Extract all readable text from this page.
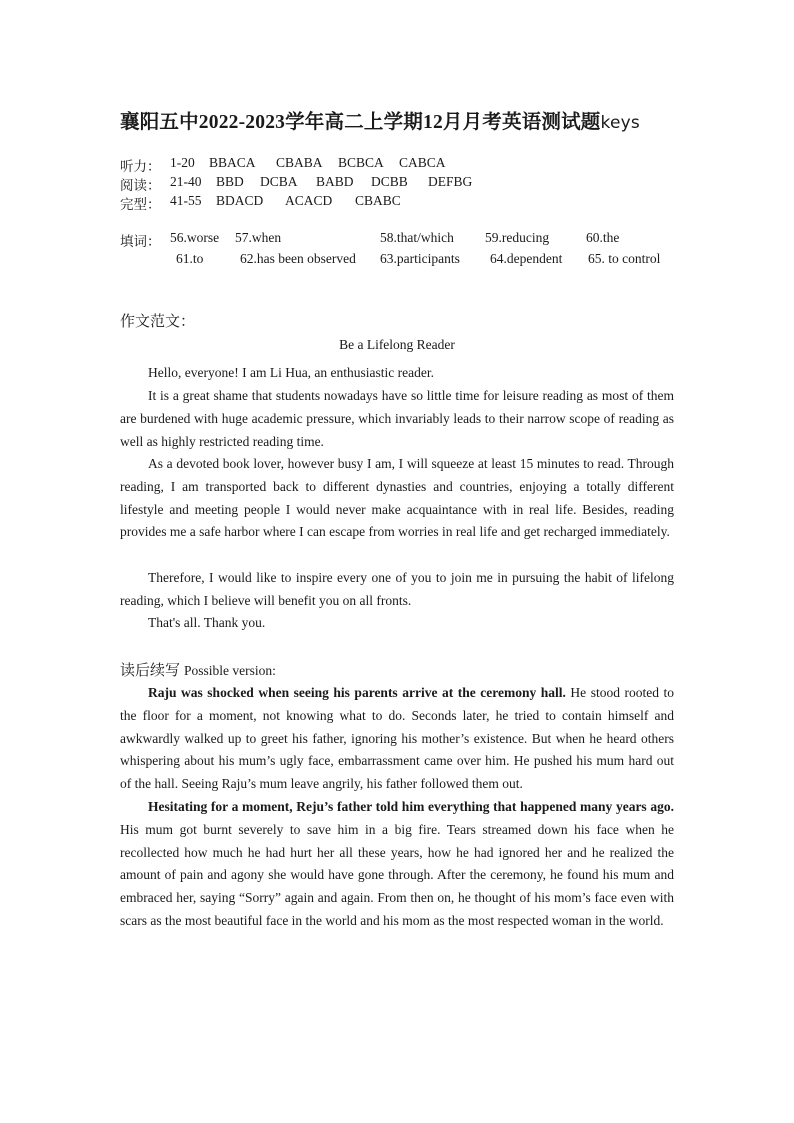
襄阳五中2022-2023学年高二上学期12月月考英语测试题keys
听力： 1-20 BBACA CBABA BCBCA CABCA
阅读： 21-40 BBD DCBA BABD DCBB DEFBG
完型： 41-55 BDACD ACACD CBABC
填词： 56.worse 57.when	58.that/which 59.reducing	60.the
61.to	62.has been observed 63.participants 64.dependent 65. to control
作文范文：
Be a Lifelong Reader
Hello, everyone! I am Li Hua, an enthusiastic reader.
It is a great shame that students nowadays have so little time for leisure reading as most of them are burdened with huge academic pressure, which invariably leads to their narrow scope of reading as well as highly restricted reading time.
As a devoted book lover, however busy I am, I will squeeze at least 15 minutes to read. Through reading, I am transported back to different dynasties and countries, enjoying a totally different lifestyle and meeting people I would never make acquaintance with in real life. Besides, reading provides me a safe harbor where I can escape from worries in real life and get recharged immediately.
Therefore, I would like to inspire every one of you to join me in pursuing the habit of lifelong reading, which I believe will benefit you on all fronts.
That's all. Thank you.
读后续写 Possible version:
Raju was shocked when seeing his parents arrive at the ceremony hall. He stood rooted to the floor for a moment, not knowing what to do. Seconds later, he tried to contain himself and awkwardly walked up to greet his father, ignoring his mother’s existence. But when he heard others whispering about his mum’s ugly face, embarrassment came over him. He pushed his mum hard out of the hall. Seeing Raju’s mum leave angrily, his father followed them out.
Hesitating for a moment, Reju’s father told him everything that happened many years ago. His mum got burnt severely to save him in a big fire. Tears streamed down his face when he recollected how much he had hurt her all these years, how he had ignored her and he realized the amount of pain and agony she would have gone through. After the ceremony, he found his mum and embraced her, saying “Sorry” again and again. From then on, he thought of his mom’s face even with scars as the most beautiful face in the world and his mom as the most respected woman in the world.
